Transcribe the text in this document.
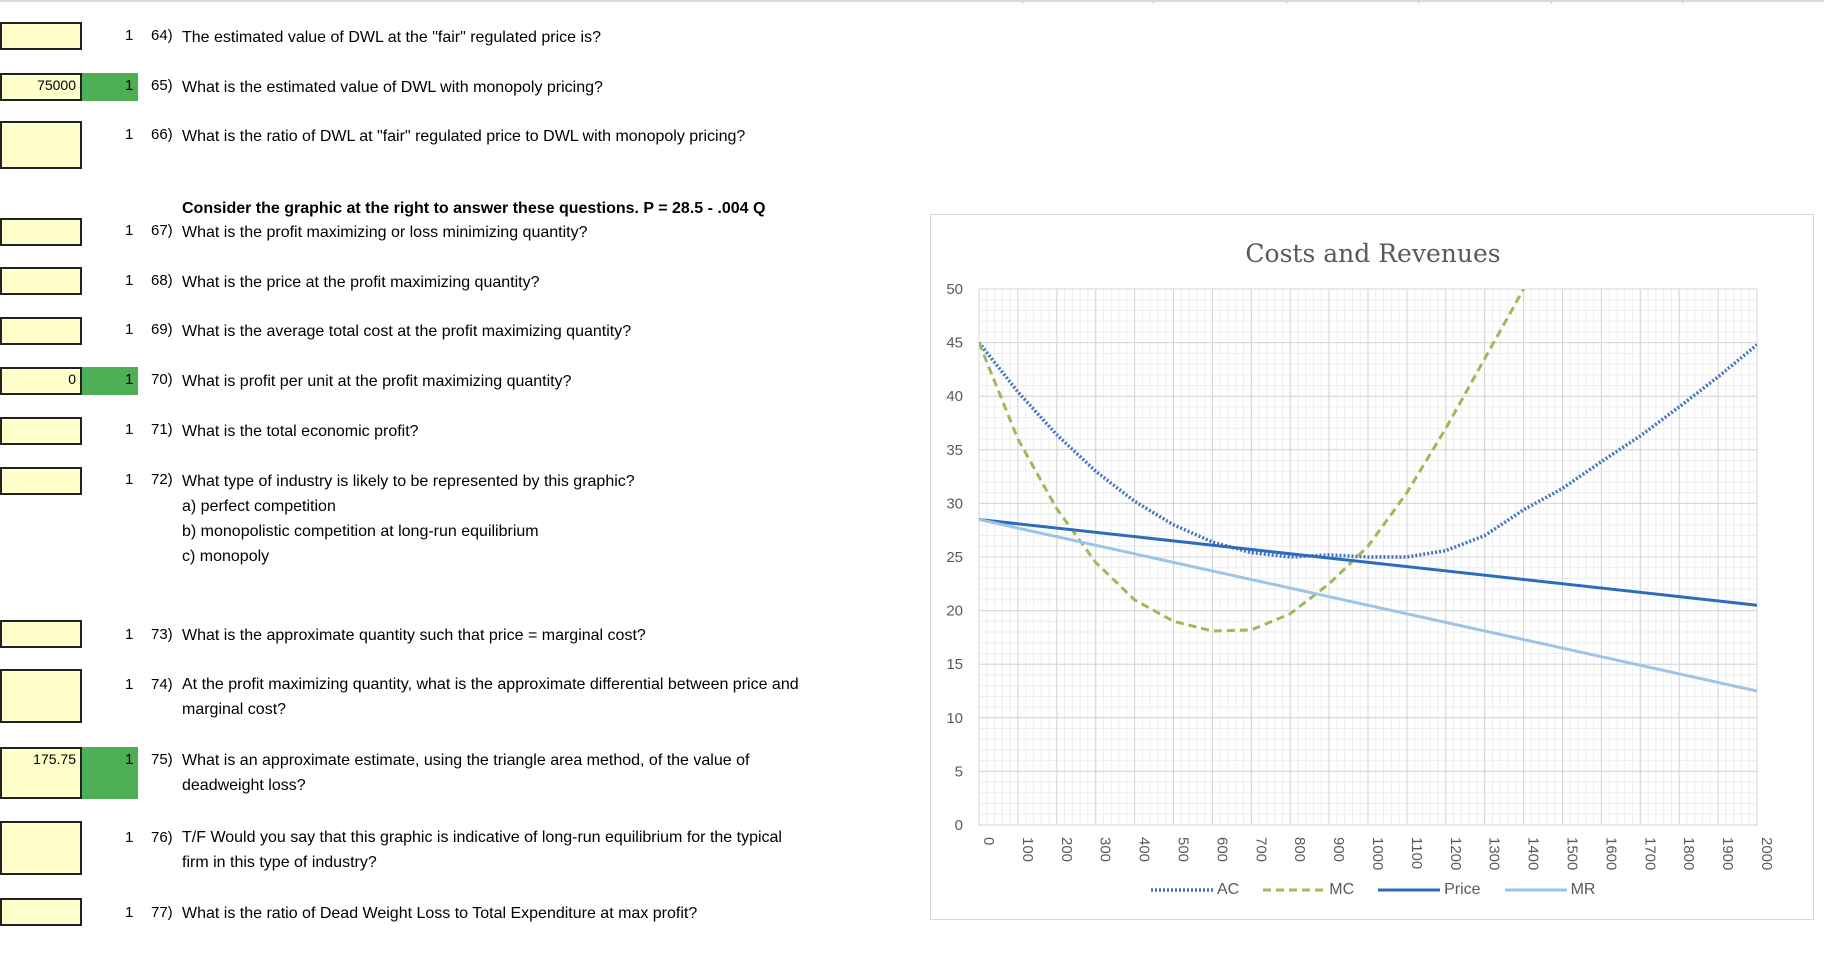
1 64) The estimated value of DWL at the "fair" regulated price is?
75000	1 65) What is the estimated value of DWL with monopoly pricing?
1 66) What is the ratio of DWL at "fair" regulated price to DWL with monopoly pricing?
Consider the graphic at the right to answer these questions. P = 28.5 - .004 Q
1 67) What is the profit maximizing or loss minimizing quantity?
1 68) What is the price at the profit maximizing quantity?
1 69) What is the average total cost at the profit maximizing quantity?
0	1 70) What is profit per unit at the profit maximizing quantity?
1 71) What is the total economic profit?
1 72) What type of industry is likely to be represented by this graphic?
a) perfect competition
b) monopolistic competition at long-run equilibrium
c) monopoly
1 73) What is the approximate quantity such that price = marginal cost?
1 74) At the profit maximizing quantity, what is the approximate differential between price and
marginal cost?
175.75	1 75) What is an approximate estimate, using the triangle area method, of the value of
deadweight loss?
1 76) T/F Would you say that this graphic is indicative of long-run equilibrium for the typical
firm in this type of industry?
1 77) What is the ratio of Dead Weight Loss to Total Expenditure at max profit?
Costs and Revenues
0
5
10
15
20
25
30
35
40
45
50
0 100 200 300 400 500 600 700 800 900 1000 1100 1200 1300 1400 1500 1600 1700 1800 1900 2000
AC	MC	Price	MR
